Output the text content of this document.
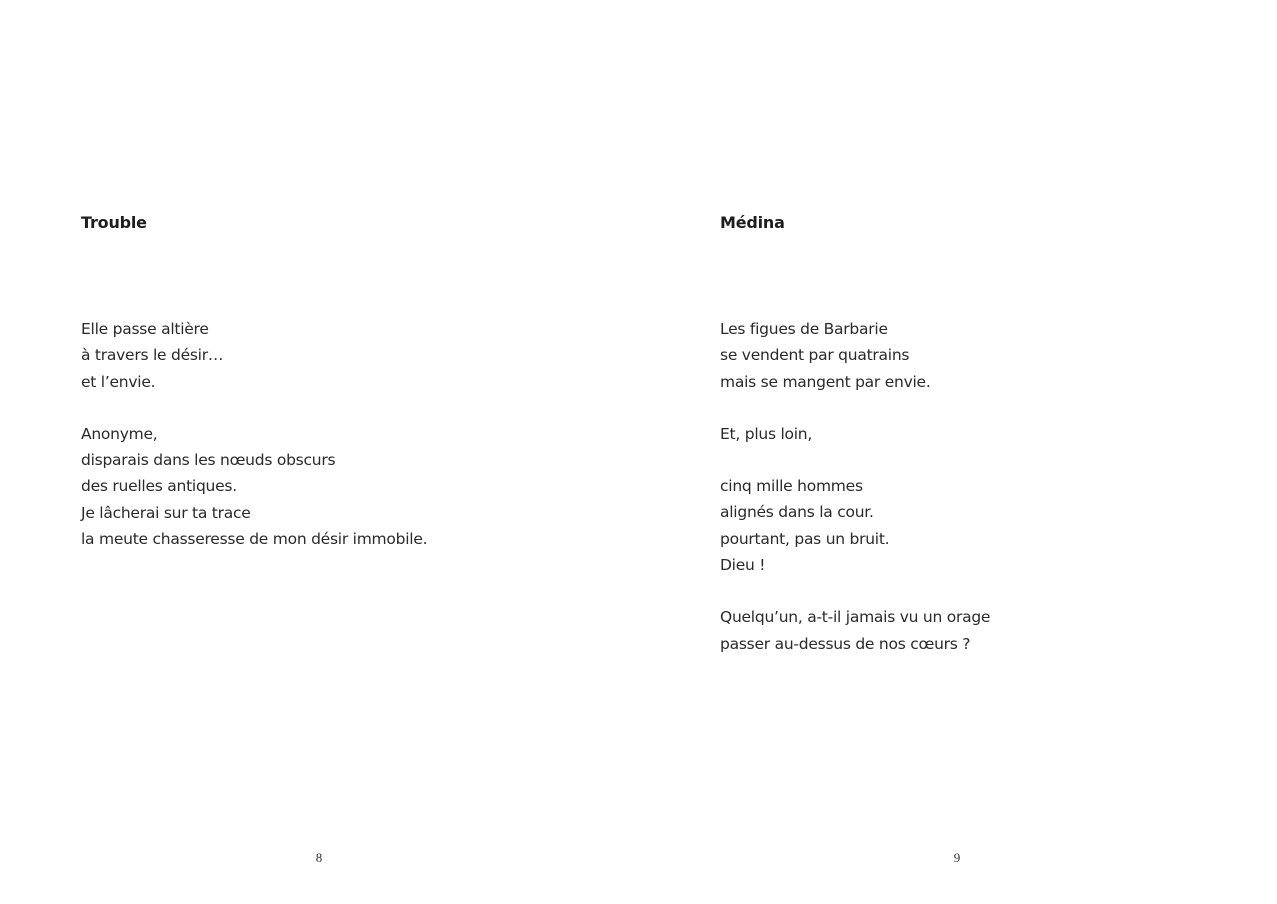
Trouble
Elle passe altière
à travers le désir…
et l’envie.
Anonyme,
disparais dans les nœuds obscurs
des ruelles antiques.
Je lâcherai sur ta trace
la meute chasseresse de mon désir immobile.
8
Médina
Les figues de Barbarie
se vendent par quatrains
mais se mangent par envie.
Et, plus loin,
cinq mille hommes
alignés dans la cour.
pourtant, pas un bruit.
Dieu !
Quelqu’un, a-t-il jamais vu un orage
passer au-dessus de nos cœurs ?
9
